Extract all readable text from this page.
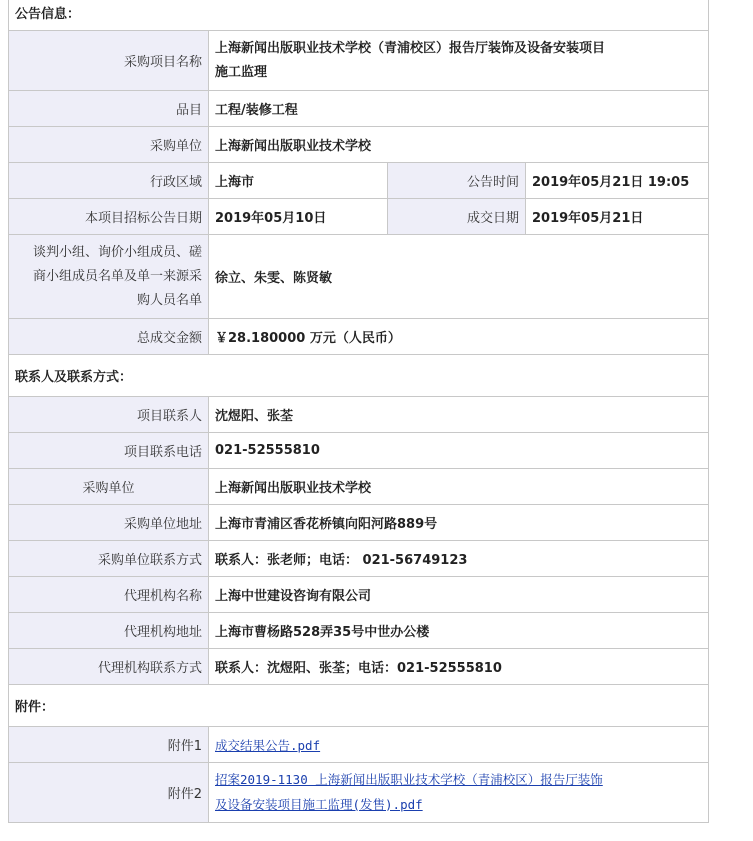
公告信息：			
采购项目名称	上海新闻出版职业技术学校（青浦校区）报告厅装饰及设备安装项目
施工监理		

品目	工程/装修工程		
采购单位	上海新闻出版职业技术学校		
行政区域	上海市	公告时间	2019年05月21日 19:05
本项目招标公告日期	2019年05月10日	成交日期	2019年05月21日

谈判小组、询价小组成员、磋
商小组成员名单及单一来源采
购人员名单	徐立、朱雯、陈贤敏		
总成交金额	￥28.180000 万元（人民币）		
联系人及联系方式：			
项目联系人	沈煜阳、张荃		
项目联系电话	021-52555810		
采购单位	上海新闻出版职业技术学校		
采购单位地址	上海市青浦区香花桥镇向阳河路889号		
采购单位联系方式	联系人：张老师；电话： 021-56749123		
代理机构名称	上海中世建设咨询有限公司		
代理机构地址	上海市曹杨路528弄35号中世办公楼		
代理机构联系方式	联系人：沈煜阳、张荃；电话：021-52555810		
附件：			
附件1	成交结果公告.pdf		
附件2	招案2019-1130 上海新闻出版职业技术学校（青浦校区）报告厅装饰
及设备安装项目施工监理(发售).pdf		
